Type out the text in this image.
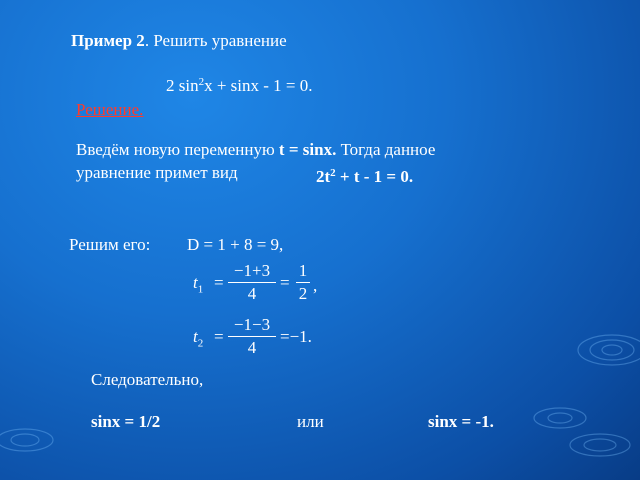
Пример 2. Решить уравнение
2 $\sin^2x + \sin x - 1 = 0$.
Решение.
Введём новую переменную t = sinx. Тогда данное
уравнение примет вид	$2t^2 + t - 1 = 0$.
Решим его: D = 1 + 8 = 9,
$t_1$ =
−1+3
4
=
1
2 ,
$t_2$ =
−1−3
4
=−1.
Следовательно,
sinx = 1/2	или	sinx = -1.
